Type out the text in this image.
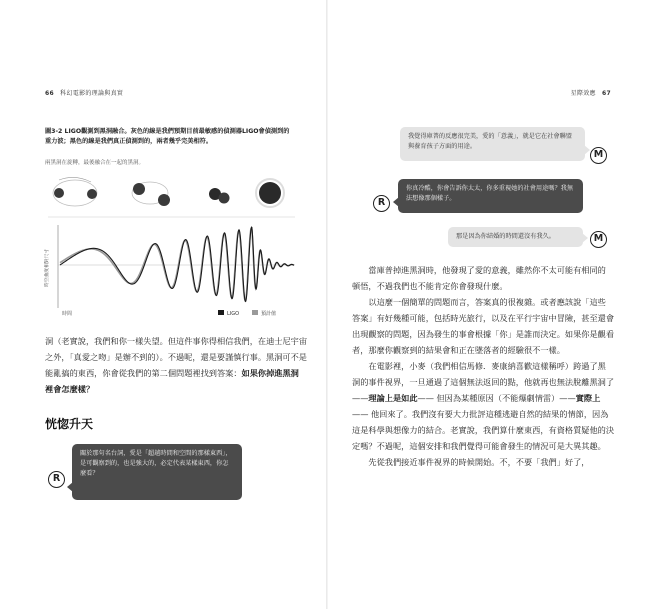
66 科幻電影的理論與真實
圖3-2 LIGO觀測到黑洞融合。灰色的線是我們預期目前最敏感的偵測器LIGO會偵測到的重力波；黑色的線是我們真正偵測到的，兩者幾乎完美相符。
兩黑洞在旋轉，最後融合在一起的黑洞。
時空曲度相對尺寸
時間	LIGO	預計值

洞（老實說，我們和你一樣失望。但這件事你得相信我們，在迪士尼宇宙之外，「真愛之吻」是辦不到的）。不過呢，還是要謹慎行事。黑洞可不是能亂搞的東西，你會從我們的第二個問題裡找到答案：如果你掉進黑洞裡會怎麼樣？

恍惚升天
關於那句名台詞，愛是「超越時間和空間的那樣東西」，是可觀察到的，也是強大的，必定代表某樣東西，你怎麼看？
R
星際效應 67
我覺得庫普的反應很完美，愛的「意義」，就是它在社會聯盟與養育孩子方面的用途。
M
你真冷酷，你會告訴你太太，你多重視她的社會用途嗎？我無法想像那個樣子。
R
那是因為你結婚的時間還沒有我久。	M

當庫普掉進黑洞時，他發現了愛的意義，雖然你不太可能有相同的頓悟，不過我們也不能肯定你會發現什麼。

以這麼一個簡單的問題而言，答案真的很複雜。或者應該說「這些答案」有好幾種可能，包括時光旅行，以及在平行宇宙中冒險，甚至還會出現觀察的問題，因為發生的事會根據「你」是誰而決定。如果你是觀看者，那麼你觀察到的結果會和正在墜落者的經驗很不一樣。

在電影裡，小麥（我們相信馬修．麥康納喜歡這樣稱呼）跨過了黑洞的事件視界，一旦通過了這個無法返回的點，他就再也無法脫離黑洞了 ——理論上是如此—— 但因為某種原因（不能爆劇情雷）——實際上—— 他回來了。我們沒有要大力批評這種逃避自然的結果的情節，因為這是科學與想像力的結合。老實說，我們算什麼東西，有資格質疑他的決定嗎？不過呢，這個安排和我們覺得可能會發生的情況可是大異其趣。

先從我們接近事件視界的時候開始。不，不要「我們」好了，
